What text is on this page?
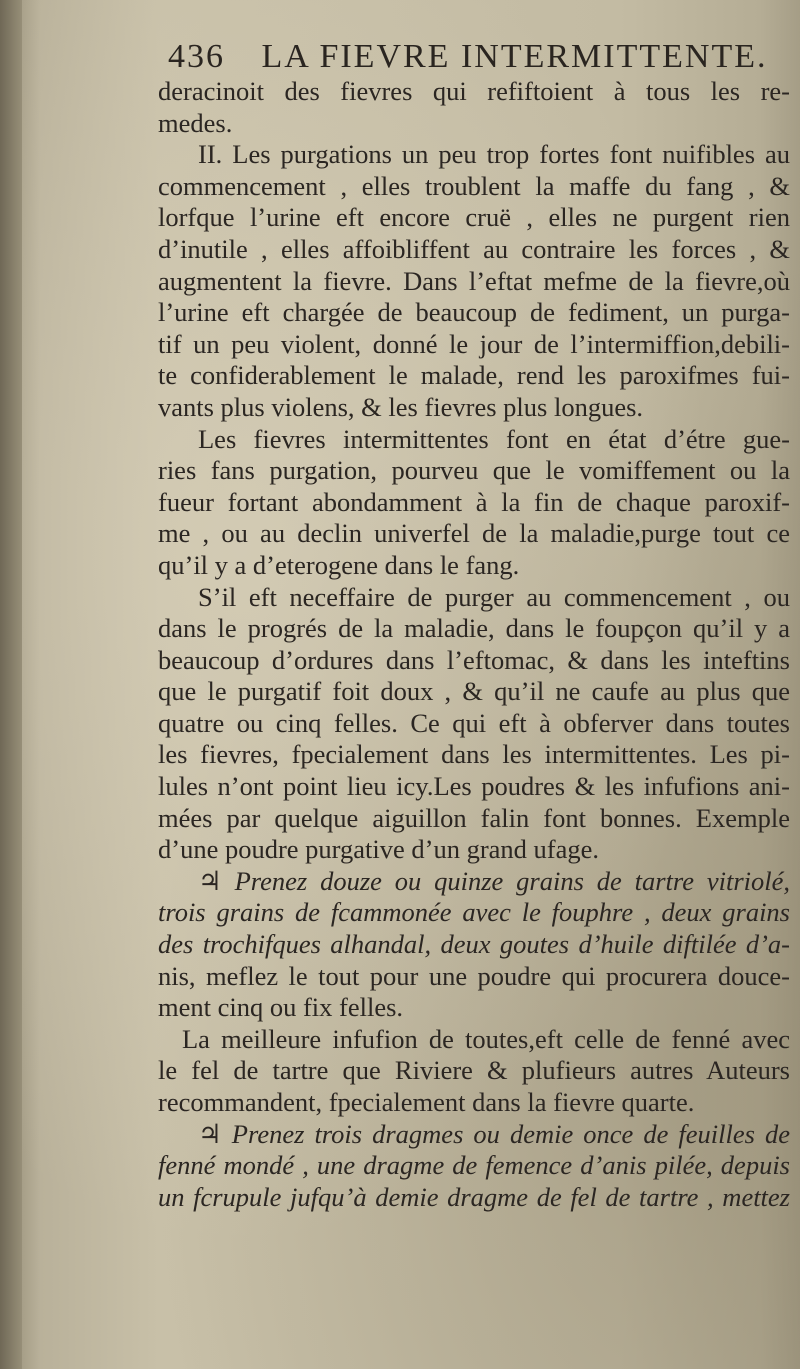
436 LA FIEVRE INTERMITTENTE.
deracinoit des fievres qui refiftoient à tous les re-
medes.
II. Les purgations un peu trop fortes font nuifibles au
commencement , elles troublent la maffe du fang , &
lorfque l’urine eft encore cruë , elles ne purgent rien
d’inutile , elles affoibliffent au contraire les forces , &
augmentent la fievre. Dans l’eftat mefme de la fievre,où
l’urine eft chargée de beaucoup de fediment, un purga-
tif un peu violent, donné le jour de l’intermiffion,debili-
te confiderablement le malade, rend les paroxifmes fui-
vants plus violens, & les fievres plus longues.
Les fievres intermittentes font en état d’étre gue-
ries fans purgation, pourveu que le vomiffement ou la
fueur fortant abondamment à la fin de chaque paroxif-
me , ou au declin univerfel de la maladie,purge tout ce
qu’il y a d’eterogene dans le fang.
S’il eft neceffaire de purger au commencement , ou
dans le progrés de la maladie, dans le foupçon qu’il y a
beaucoup d’ordures dans l’eftomac, & dans les inteftins
que le purgatif foit doux , & qu’il ne caufe au plus que
quatre ou cinq felles. Ce qui eft à obferver dans toutes
les fievres, fpecialement dans les intermittentes. Les pi-
lules n’ont point lieu icy.Les poudres & les infufions ani-
mées par quelque aiguillon falin font bonnes. Exemple
d’une poudre purgative d’un grand ufage.
♃ Prenez douze ou quinze grains de tartre vitriolé,
trois grains de fcammonée avec le fouphre , deux grains
des trochifques alhandal, deux goutes d’huile diftilée d’a-
nis, meflez le tout pour une poudre qui procurera douce-
ment cinq ou fix felles.
La meilleure infufion de toutes,eft celle de fenné avec
le fel de tartre que Riviere & plufieurs autres Auteurs
recommandent, fpecialement dans la fievre quarte.
♃ Prenez trois dragmes ou demie once de feuilles de
fenné mondé , une dragme de femence d’anis pilée, depuis
un fcrupule jufqu’à demie dragme de fel de tartre , mettez
